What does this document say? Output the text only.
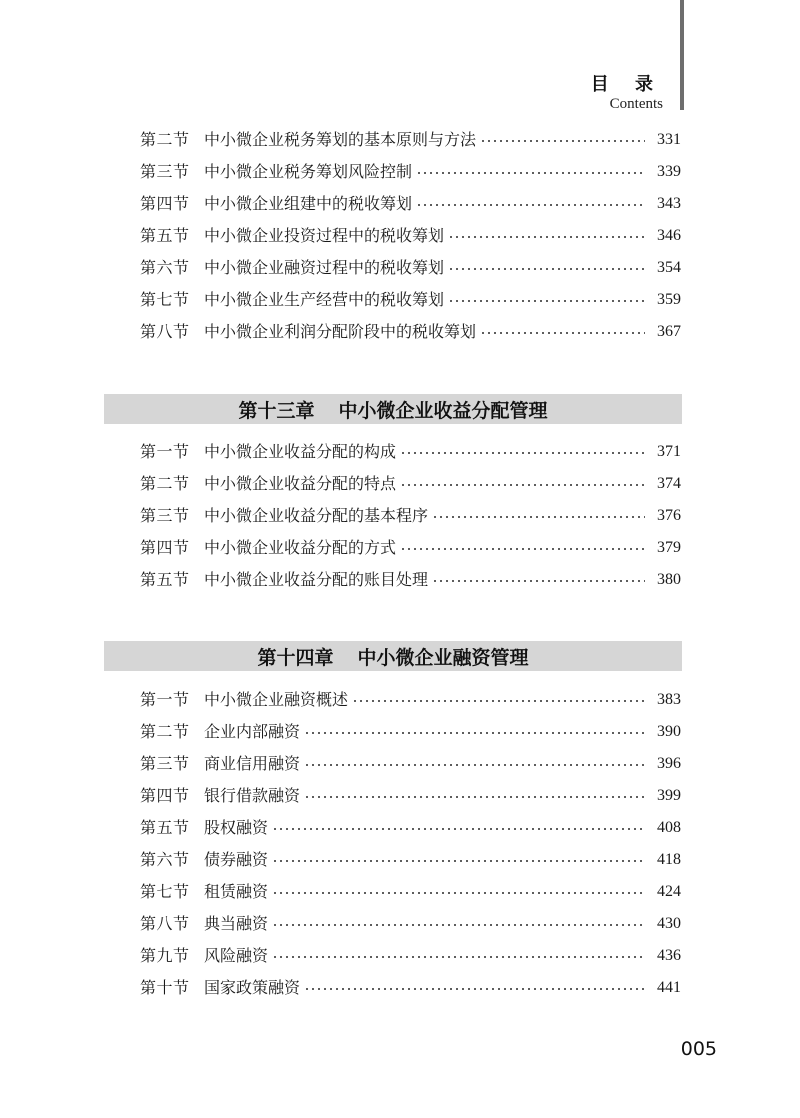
目 录
Contents
第二节 中小微企业税务筹划的基本原则与方法	331
第三节 中小微企业税务筹划风险控制	339
第四节 中小微企业组建中的税收筹划	343
第五节 中小微企业投资过程中的税收筹划	346
第六节 中小微企业融资过程中的税收筹划	354
第七节 中小微企业生产经营中的税收筹划	359
第八节 中小微企业利润分配阶段中的税收筹划	367
第十三章 中小微企业收益分配管理
第一节 中小微企业收益分配的构成	371
第二节 中小微企业收益分配的特点	374
第三节 中小微企业收益分配的基本程序	376
第四节 中小微企业收益分配的方式	379
第五节 中小微企业收益分配的账目处理	380
第十四章 中小微企业融资管理
第一节 中小微企业融资概述	383
第二节 企业内部融资	390
第三节 商业信用融资	396
第四节 银行借款融资	399
第五节 股权融资	408
第六节 债券融资	418
第七节 租赁融资	424
第八节 典当融资	430
第九节 风险融资	436
第十节 国家政策融资	441
005
